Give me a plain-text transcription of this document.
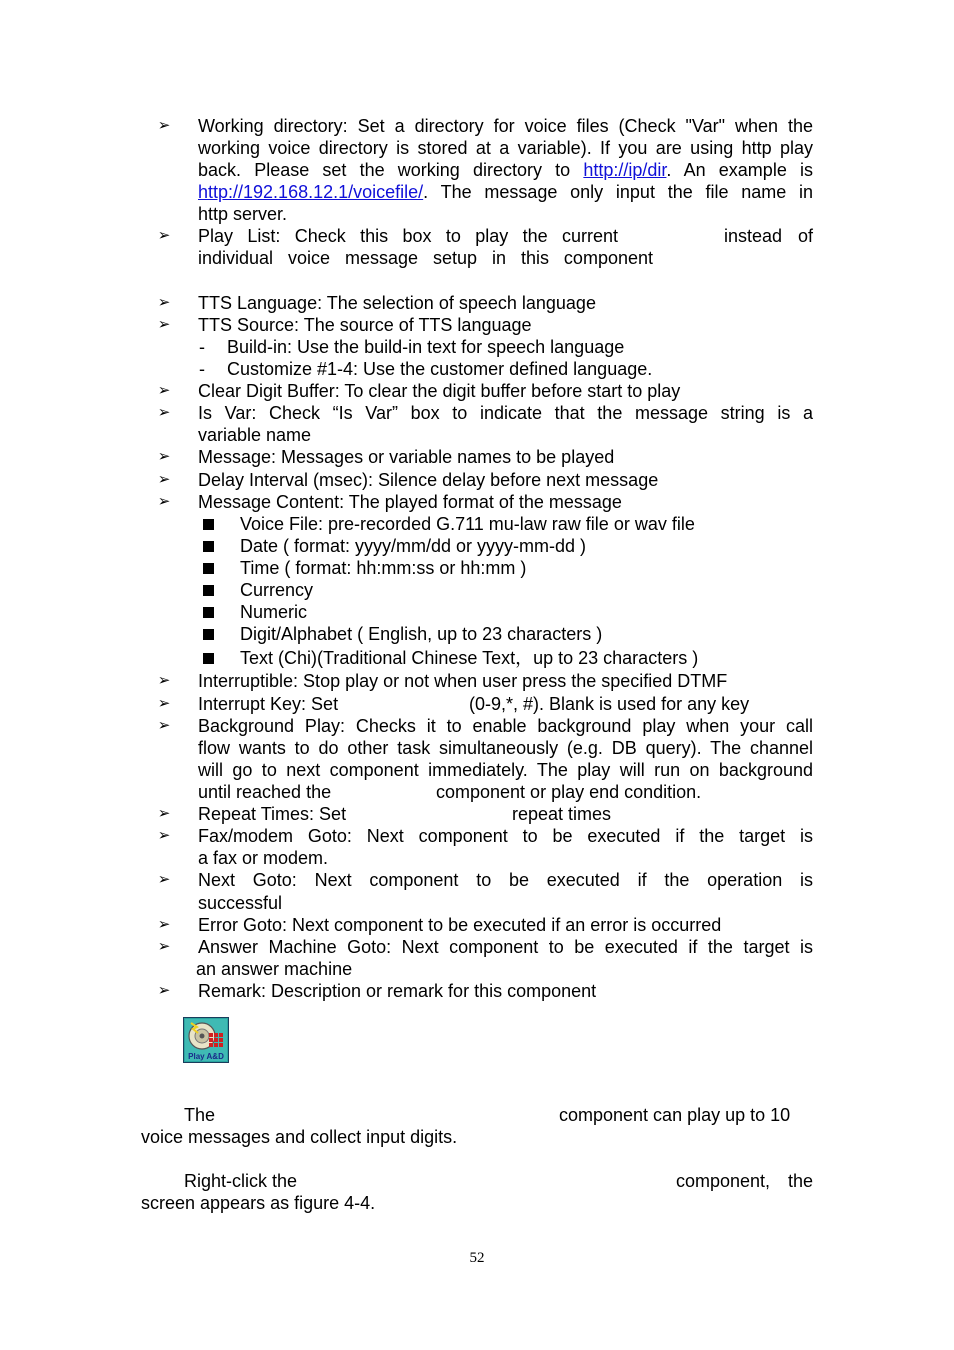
➢ Working directory: Set a directory for voice files (Check "Var" when the
working voice directory is stored at a variable). If you are using http play
back. Please set the working directory to http://ip/dir. An example is
http://192.168.12.1/voicefile/. The message only input the file name in
http server.
➢ Play List: Check this box to play the current	instead of
individual voice message setup in this component
➢ TTS Language: The selection of speech language
➢ TTS Source: The source of TTS language
- Build-in: Use the build-in text for speech language
- Customize #1-4: Use the customer defined language.
➢ Clear Digit Buffer: To clear the digit buffer before start to play
➢ Is Var: Check “Is Var” box to indicate that the message string is a
variable name
➢ Message: Messages or variable names to be played
➢ Delay Interval (msec): Silence delay before next message
➢ Message Content: The played format of the message
Voice File: pre-recorded G.711 mu-law raw file or wav file
Date ( format: yyyy/mm/dd or yyyy-mm-dd )
Time ( format: hh:mm:ss or hh:mm )
Currency
Numeric
Digit/Alphabet ( English, up to 23 characters )
Text (Chi)(Traditional Chinese Text，up to 23 characters )
➢ Interruptible: Stop play or not when user press the specified DTMF
➢ Interrupt Key: Set	(0-9,*, #). Blank is used for any key
➢ Background Play: Checks it to enable background play when your call
flow wants to do other task simultaneously (e.g. DB query). The channel
will go to next component immediately. The play will run on background
until reached the	component or play end condition.
➢ Repeat Times: Set	repeat times
➢ Fax/modem Goto: Next component to be executed if the target is
a fax or modem.
➢ Next Goto: Next component to be executed if the operation is
successful
➢ Error Goto: Next component to be executed if an error is occurred
➢ Answer Machine Goto: Next component to be executed if the target is
an answer machine
➢ Remark: Description or remark for this component
Play A&D
The	component can play up to 10
voice messages and collect input digits.
Right-click the	component, the
screen appears as figure 4-4.
52
